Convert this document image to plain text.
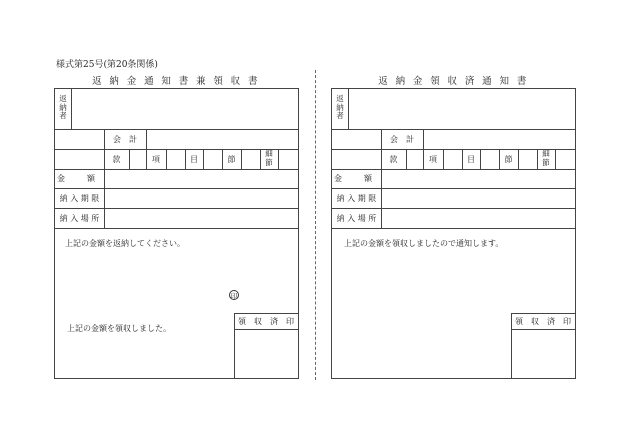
様式第25号(第20条関係)
返 納 金 通 知 書 兼 領 収 書
返
納
者
会　計
款	項	目	節
細
節
金　額
納 入 期 限
納 入 場 所
上記の金額を返納してください。
印
上記の金額を領収しました。
領　収　済　印
返 納 金 領 収 済 通 知 書
返
納
者
会　計
款	項	目	節
細
節
金　額
納 入 期 限
納 入 場 所
上記の金額を領収しましたので通知します。
領　収　済　印
